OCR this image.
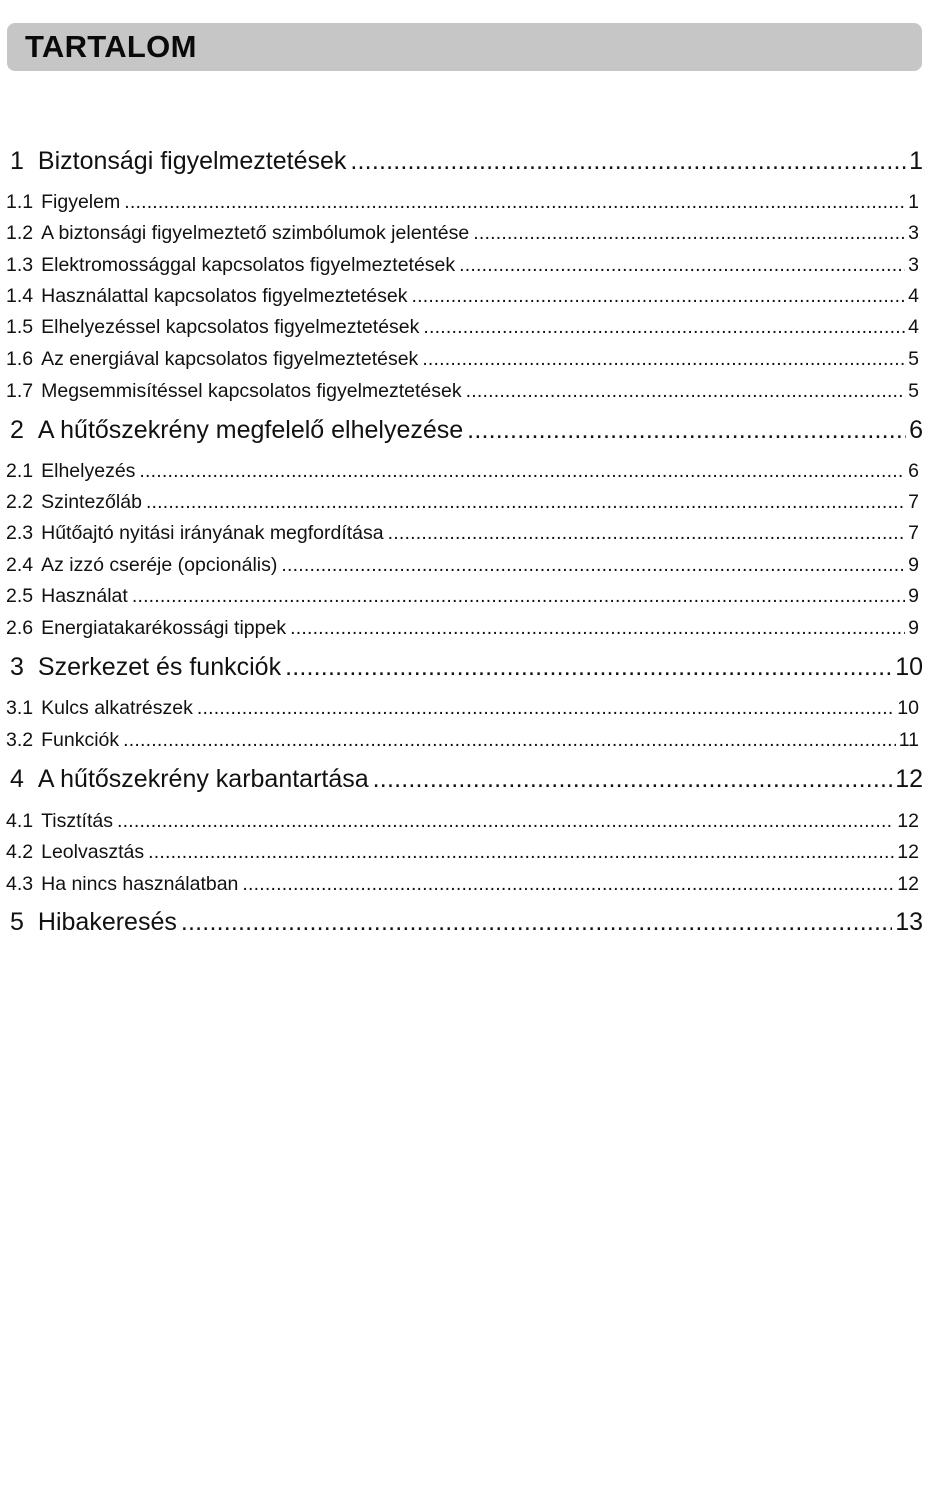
TARTALOM
1 Biztonsági figyelmeztetések .....	1
1.1 Figyelem .....	1
1.2 A biztonsági figyelmeztető szimbólumok jelentése .....	3
1.3 Elektromossággal kapcsolatos figyelmeztetések .....	3
1.4 Használattal kapcsolatos figyelmeztetések .....	4
1.5 Elhelyezéssel kapcsolatos figyelmeztetések .....	4
1.6 Az energiával kapcsolatos figyelmeztetések .....	5
1.7 Megsemmisítéssel kapcsolatos figyelmeztetések .....	5
2 A hűtőszekrény megfelelő elhelyezése .....	6
2.1 Elhelyezés .....	6
2.2 Szintezőláb .....	7
2.3 Hűtőajtó nyitási irányának megfordítása .....	7
2.4 Az izzó cseréje (opcionális) .....	9
2.5 Használat .....	9
2.6 Energiatakarékossági tippek .....	9
3 Szerkezet és funkciók .....	10
3.1 Kulcs alkatrészek .....	10
3.2 Funkciók .....	11
4 A hűtőszekrény karbantartása .....	12
4.1 Tisztítás .....	12
4.2 Leolvasztás .....	12
4.3 Ha nincs használatban .....	12
5 Hibakeresés .....	13
